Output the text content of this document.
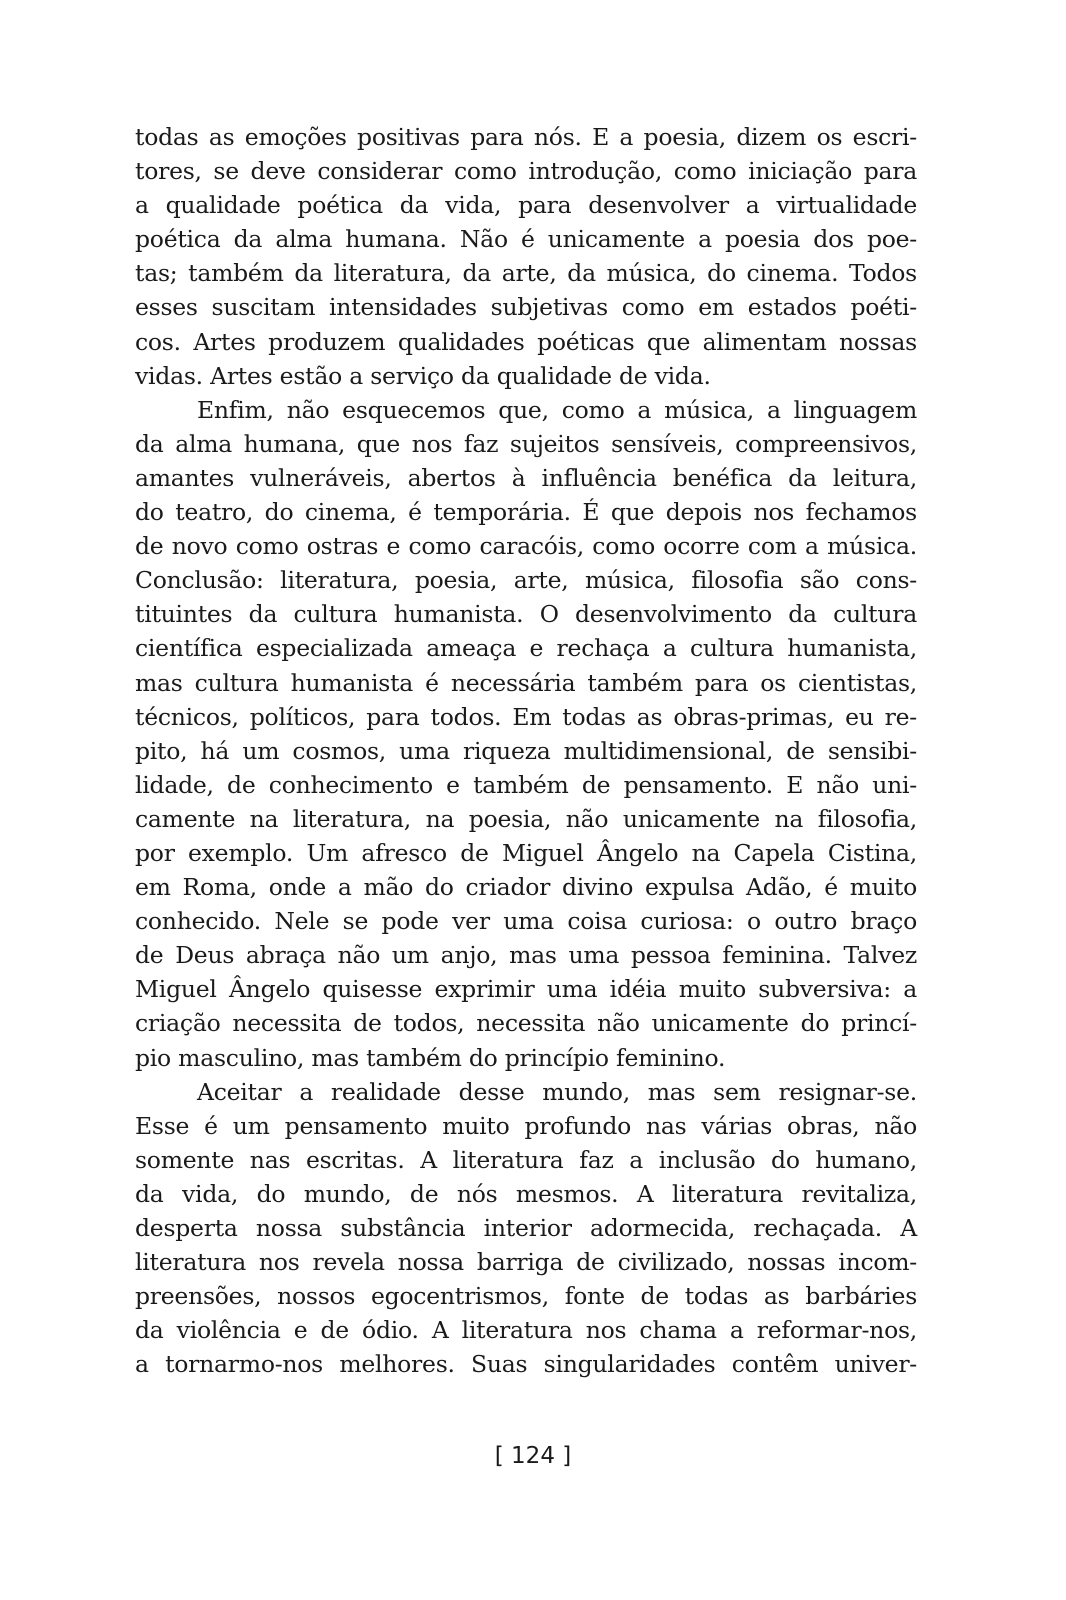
todas as emoções positivas para nós. E a poesia, dizem os escri-
tores, se deve considerar como introdução, como iniciação para
a qualidade poética da vida, para desenvolver a virtualidade
poética da alma humana. Não é unicamente a poesia dos poe-
tas; também da literatura, da arte, da música, do cinema. Todos
esses suscitam intensidades subjetivas como em estados poéti-
cos. Artes produzem qualidades poéticas que alimentam nossas
vidas. Artes estão a serviço da qualidade de vida.
Enfim, não esquecemos que, como a música, a linguagem
da alma humana, que nos faz sujeitos sensíveis, compreensivos,
amantes vulneráveis, abertos à influência benéfica da leitura,
do teatro, do cinema, é temporária. É que depois nos fechamos
de novo como ostras e como caracóis, como ocorre com a música.
Conclusão: literatura, poesia, arte, música, filosofia são cons-
tituintes da cultura humanista. O desenvolvimento da cultura
científica especializada ameaça e rechaça a cultura humanista,
mas cultura humanista é necessária também para os cientistas,
técnicos, políticos, para todos. Em todas as obras-primas, eu re-
pito, há um cosmos, uma riqueza multidimensional, de sensibi-
lidade, de conhecimento e também de pensamento. E não uni-
camente na literatura, na poesia, não unicamente na filosofia,
por exemplo. Um afresco de Miguel Ângelo na Capela Cistina,
em Roma, onde a mão do criador divino expulsa Adão, é muito
conhecido. Nele se pode ver uma coisa curiosa: o outro braço
de Deus abraça não um anjo, mas uma pessoa feminina. Talvez
Miguel Ângelo quisesse exprimir uma idéia muito subversiva: a
criação necessita de todos, necessita não unicamente do princí-
pio masculino, mas também do princípio feminino.
Aceitar a realidade desse mundo, mas sem resignar-se.
Esse é um pensamento muito profundo nas várias obras, não
somente nas escritas. A literatura faz a inclusão do humano,
da vida, do mundo, de nós mesmos. A literatura revitaliza,
desperta nossa substância interior adormecida, rechaçada. A
literatura nos revela nossa barriga de civilizado, nossas incom-
preensões, nossos egocentrismos, fonte de todas as barbáries
da violência e de ódio. A literatura nos chama a reformar-nos,
a tornarmo-nos melhores. Suas singularidades contêm univer-
[ 124 ]
